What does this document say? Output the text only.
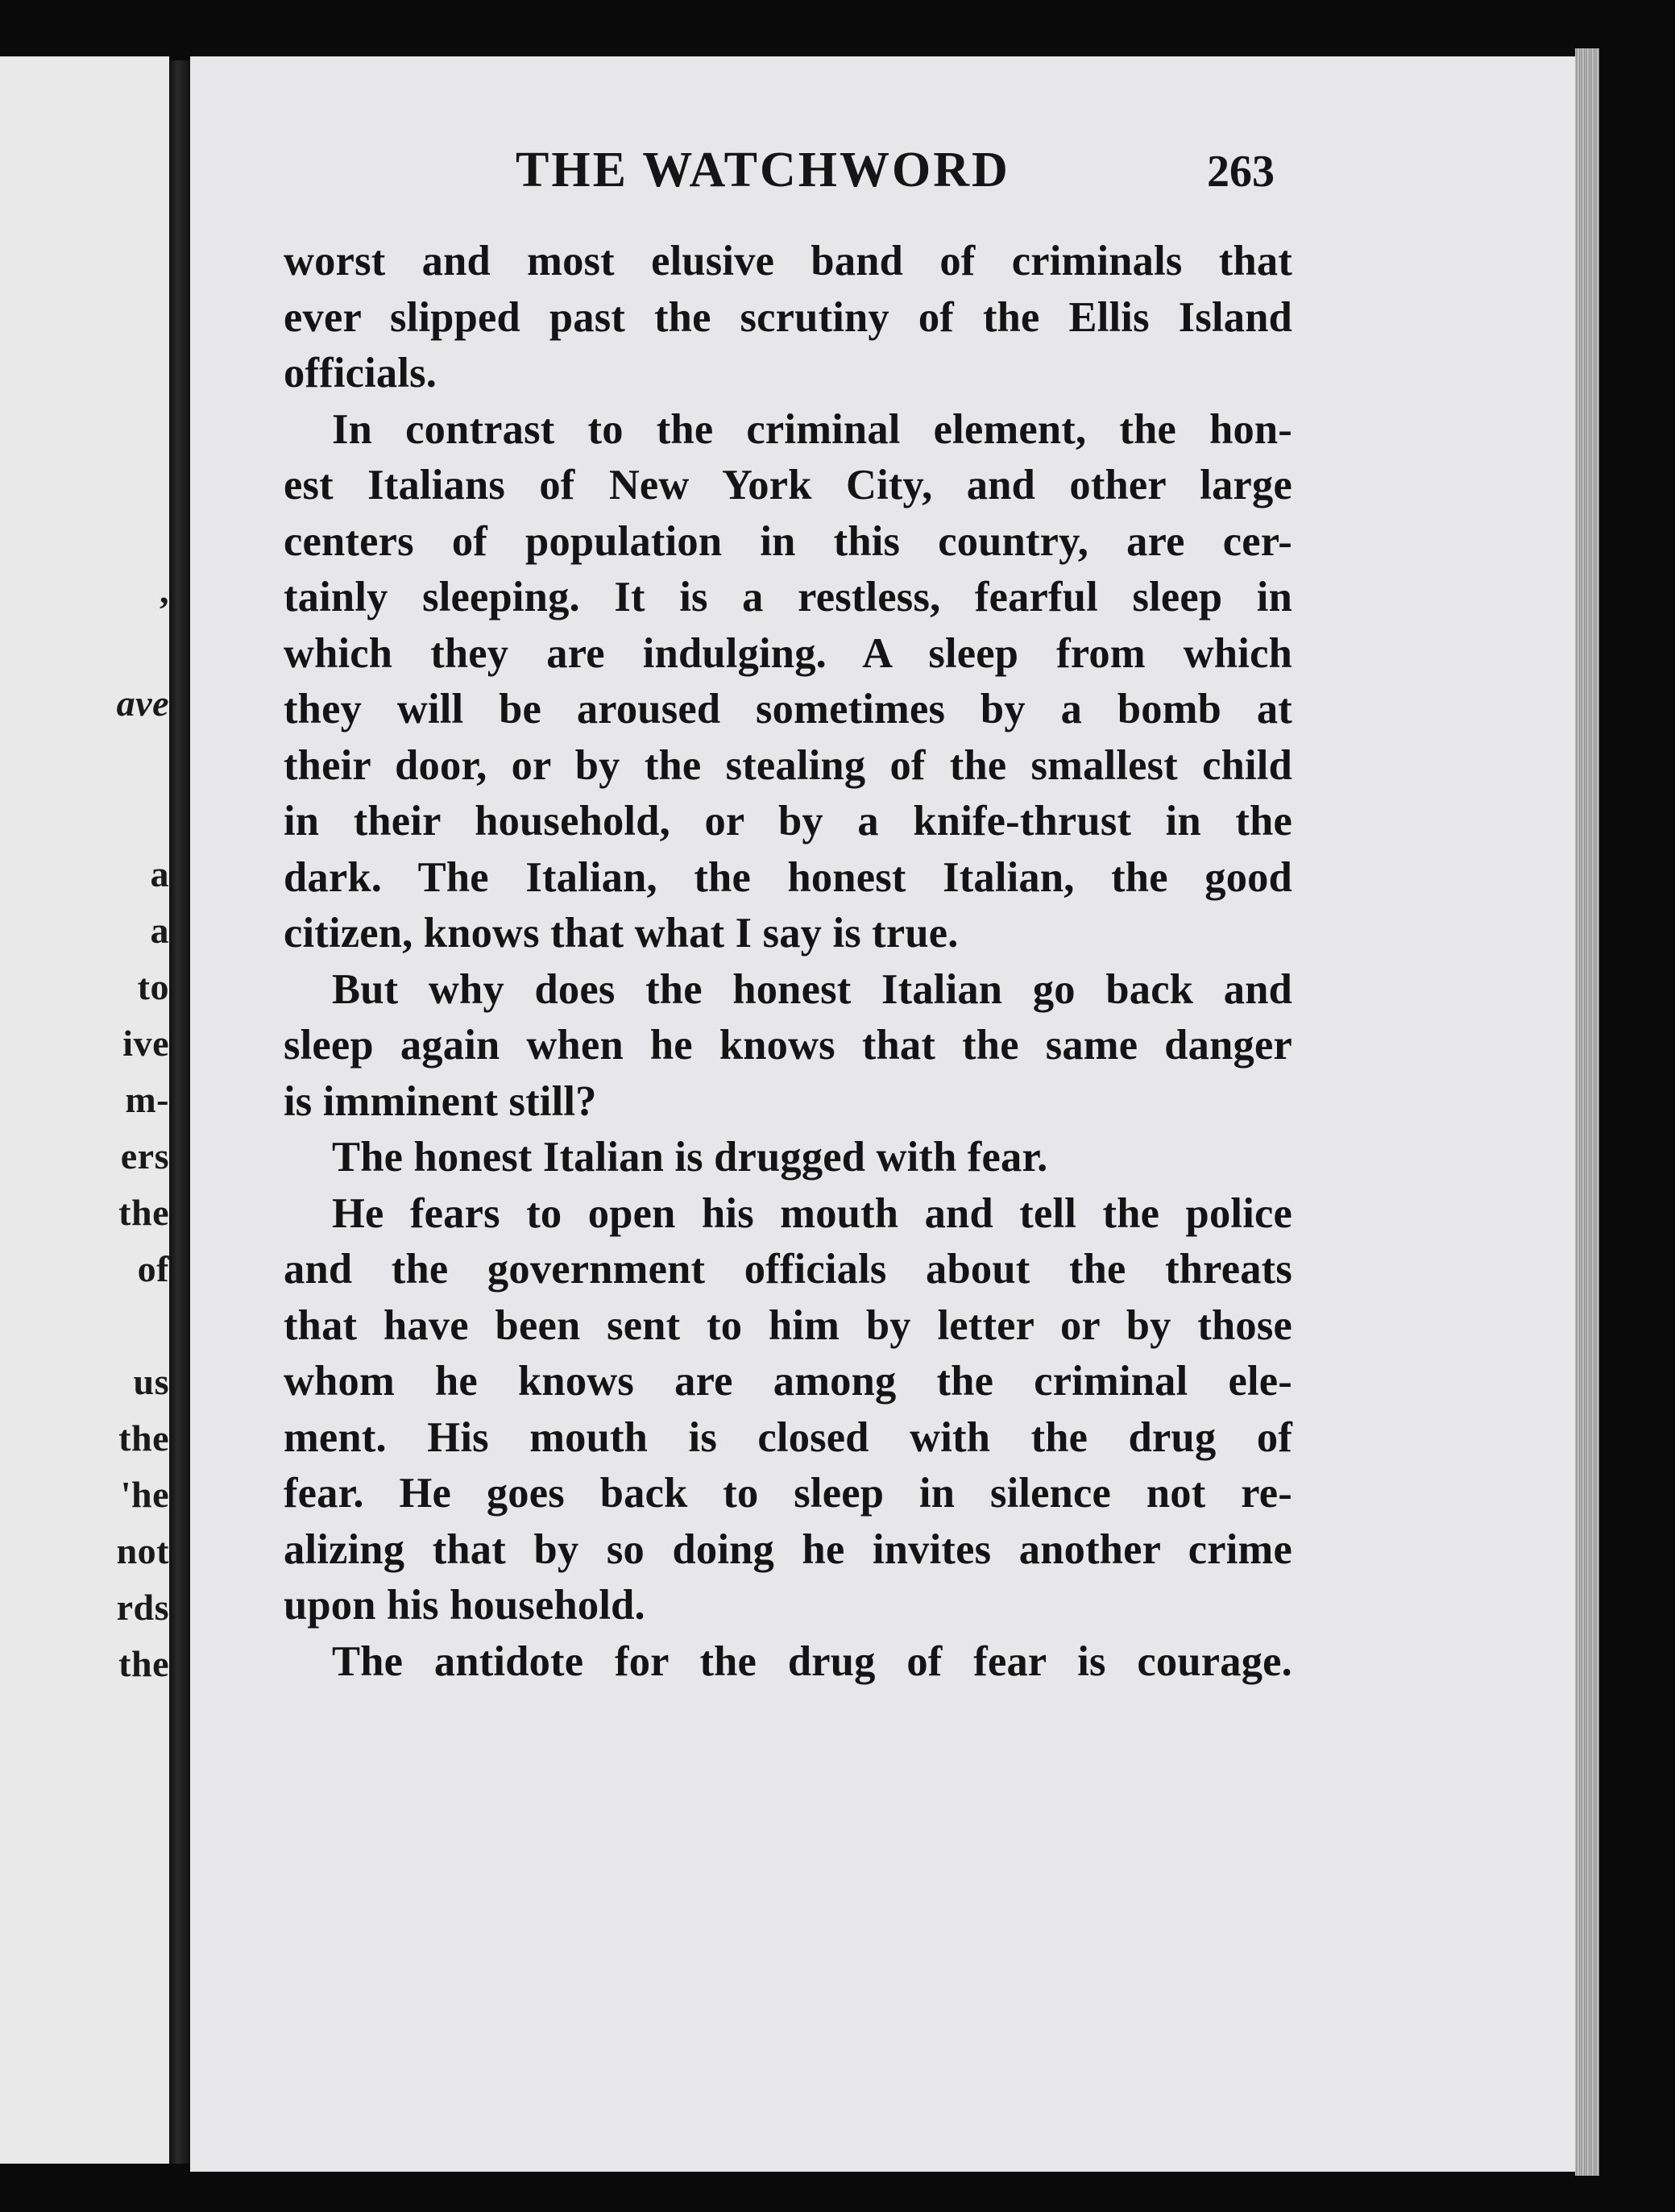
,
ave
a
a
to
ive
m-
ers
the
of
us
the
'he
not
rds
the
THE WATCHWORD	263
worst and most elusive band of criminals that
ever slipped past the scrutiny of the Ellis Island
officials.
In contrast to the criminal element, the hon-
est Italians of New York City, and other large
centers of population in this country, are cer-
tainly sleeping. It is a restless, fearful sleep in
which they are indulging. A sleep from which
they will be aroused sometimes by a bomb at
their door, or by the stealing of the smallest child
in their household, or by a knife-thrust in the
dark. The Italian, the honest Italian, the good
citizen, knows that what I say is true.
But why does the honest Italian go back and
sleep again when he knows that the same danger
is imminent still?
The honest Italian is drugged with fear.
He fears to open his mouth and tell the police
and the government officials about the threats
that have been sent to him by letter or by those
whom he knows are among the criminal ele-
ment. His mouth is closed with the drug of
fear. He goes back to sleep in silence not re-
alizing that by so doing he invites another crime
upon his household.
The antidote for the drug of fear is courage.
